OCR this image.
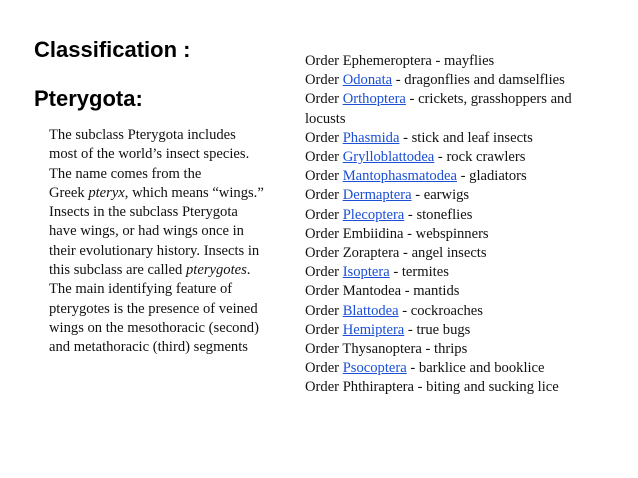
Classification :
Pterygota:
The subclass Pterygota includes
most of the world’s insect species.
The name comes from the
Greek pteryx, which means “wings.”
Insects in the subclass Pterygota
have wings, or had wings once in
their evolutionary history. Insects in
this subclass are called pterygotes.
The main identifying feature of
pterygotes is the presence of veined
wings on the mesothoracic (second)
and metathoracic (third) segments
Order Ephemeroptera - mayflies
Order Odonata - dragonflies and damselflies
Order Orthoptera - crickets, grasshoppers and
locusts
Order Phasmida - stick and leaf insects
Order Grylloblattodea - rock crawlers
Order Mantophasmatodea - gladiators
Order Dermaptera - earwigs
Order Plecoptera - stoneflies
Order Embiidina - webspinners
Order Zoraptera - angel insects
Order Isoptera - termites
Order Mantodea - mantids
Order Blattodea - cockroaches
Order Hemiptera - true bugs
Order Thysanoptera - thrips
Order Psocoptera - barklice and booklice
Order Phthiraptera - biting and sucking lice
